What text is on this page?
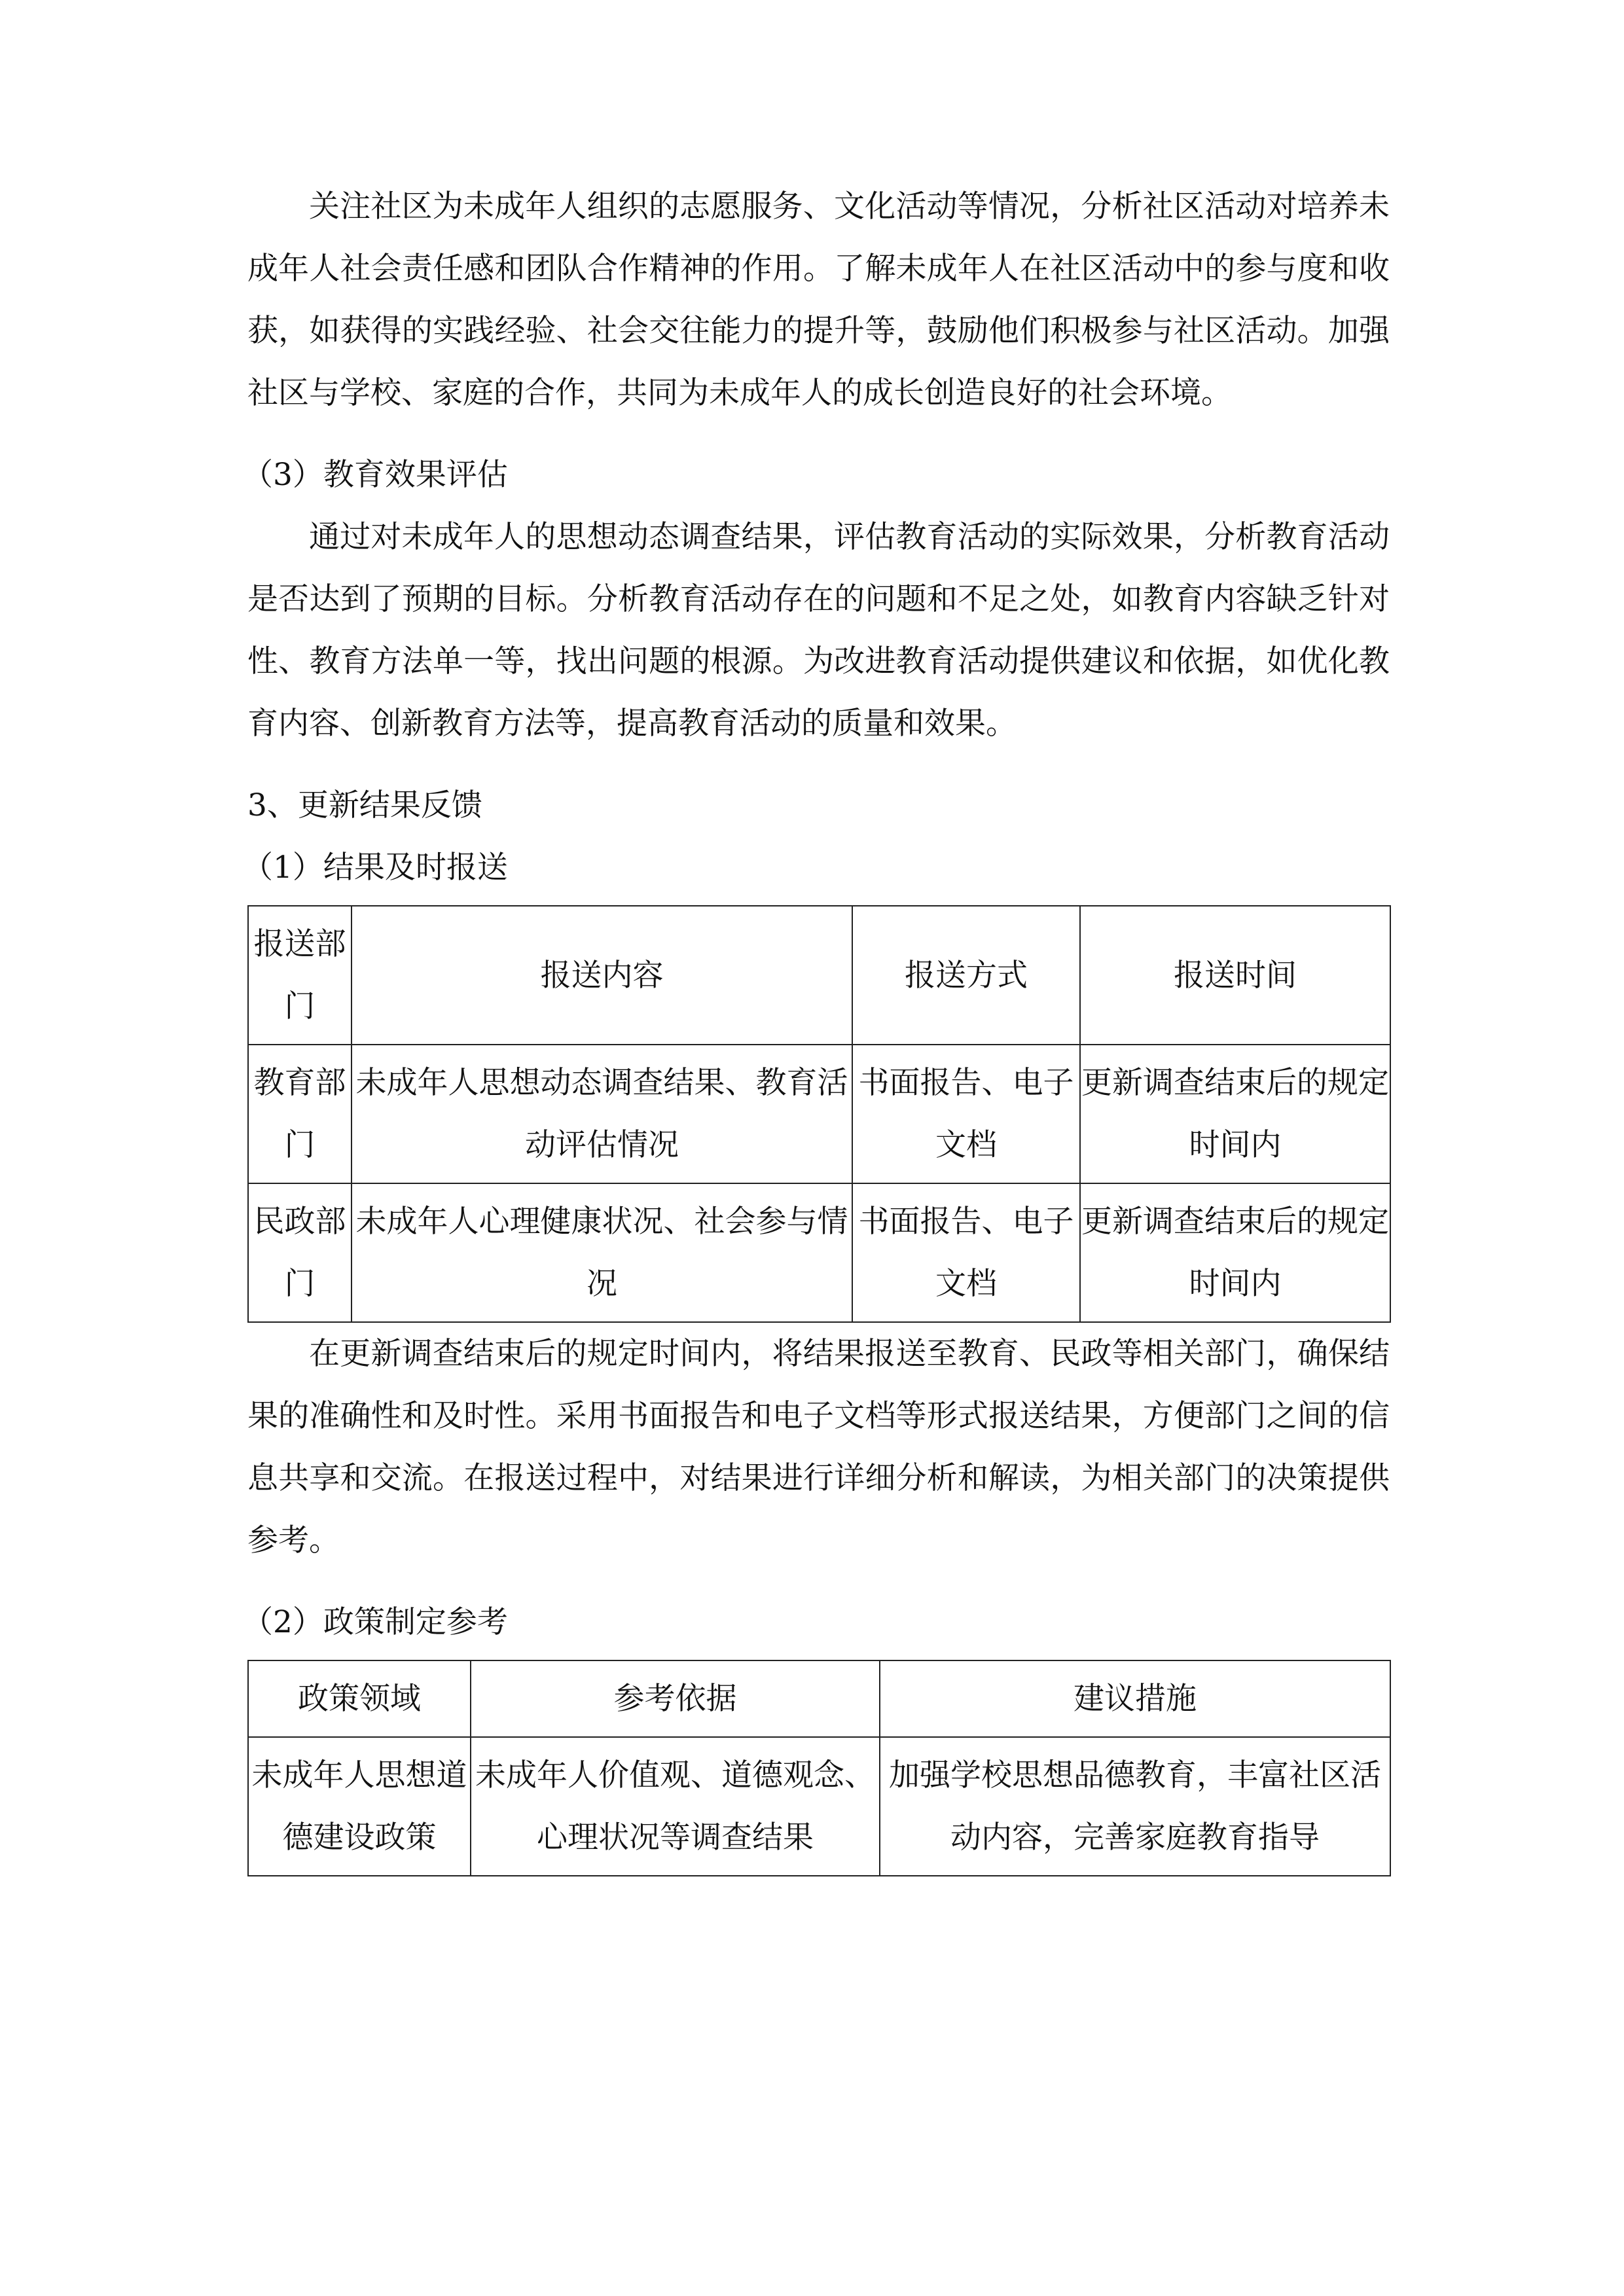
关注社区为未成年人组织的志愿服务、文化活动等情况，分析社区活动对培养未成年人社会责任感和团队合作精神的作用。了解未成年人在社区活动中的参与度和收获，如获得的实践经验、社会交往能力的提升等，鼓励他们积极参与社区活动。加强社区与学校、家庭的合作，共同为未成年人的成长创造良好的社会环境。

（3）教育效果评估

通过对未成年人的思想动态调查结果，评估教育活动的实际效果，分析教育活动是否达到了预期的目标。分析教育活动存在的问题和不足之处，如教育内容缺乏针对性、教育方法单一等，找出问题的根源。为改进教育活动提供建议和依据，如优化教育内容、创新教育方法等，提高教育活动的质量和效果。

3、更新结果反馈
（1）结果及时报送
报送部门	报送内容	报送方式	报送时间
教育部门	未成年人思想动态调查结果、教育活动评估情况	书面报告、电子文档	更新调查结束后的规定时间内
民政部门	未成年人心理健康状况、社会参与情况	书面报告、电子文档	更新调查结束后的规定时间内

在更新调查结束后的规定时间内，将结果报送至教育、民政等相关部门，确保结果的准确性和及时性。采用书面报告和电子文档等形式报送结果，方便部门之间的信息共享和交流。在报送过程中，对结果进行详细分析和解读，为相关部门的决策提供参考。

（2）政策制定参考
政策领域	参考依据	建议措施
未成年人思想道德建设政策	未成年人价值观、道德观念、心理状况等调查结果	加强学校思想品德教育，丰富社区活动内容，完善家庭教育指导
